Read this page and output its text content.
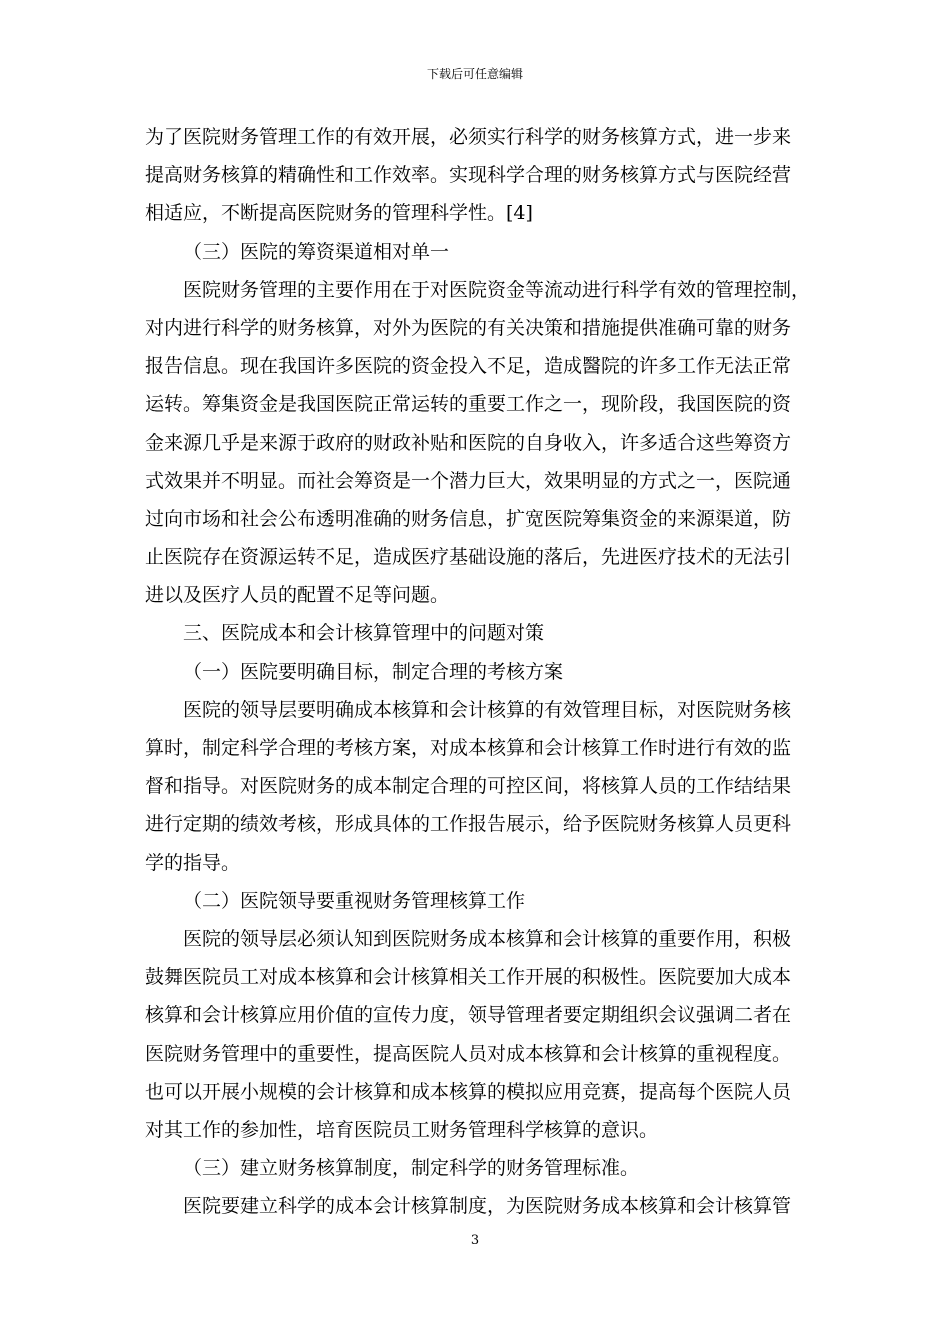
下载后可任意编辑
为了医院财务管理工作的有效开展，必须实行科学的财务核算方式，进一步来
提高财务核算的精确性和工作效率。实现科学合理的财务核算方式与医院经营
相适应，不断提高医院财务的管理科学性。[4]
（三）医院的筹资渠道相对单一
医院财务管理的主要作用在于对医院资金等流动进行科学有效的管理控制，
对内进行科学的财务核算，对外为医院的有关决策和措施提供准确可靠的财务
报告信息。现在我国许多医院的资金投入不足，造成醫院的许多工作无法正常
运转。筹集资金是我国医院正常运转的重要工作之一，现阶段，我国医院的资
金来源几乎是来源于政府的财政补贴和医院的自身收入，许多适合这些筹资方
式效果并不明显。而社会筹资是一个潜力巨大，效果明显的方式之一，医院通
过向市场和社会公布透明准确的财务信息，扩宽医院筹集资金的来源渠道，防
止医院存在资源运转不足，造成医疗基础设施的落后，先进医疗技术的无法引
进以及医疗人员的配置不足等问题。
三、医院成本和会计核算管理中的问题对策
（一）医院要明确目标，制定合理的考核方案
医院的领导层要明确成本核算和会计核算的有效管理目标，对医院财务核
算时，制定科学合理的考核方案，对成本核算和会计核算工作时进行有效的监
督和指导。对医院财务的成本制定合理的可控区间，将核算人员的工作结结果
进行定期的绩效考核，形成具体的工作报告展示，给予医院财务核算人员更科
学的指导。
（二）医院领导要重视财务管理核算工作
医院的领导层必须认知到医院财务成本核算和会计核算的重要作用，积极
鼓舞医院员工对成本核算和会计核算相关工作开展的积极性。医院要加大成本
核算和会计核算应用价值的宣传力度，领导管理者要定期组织会议强调二者在
医院财务管理中的重要性，提高医院人员对成本核算和会计核算的重视程度。
也可以开展小规模的会计核算和成本核算的模拟应用竞赛，提高每个医院人员
对其工作的参加性，培育医院员工财务管理科学核算的意识。
（三）建立财务核算制度，制定科学的财务管理标准。
医院要建立科学的成本会计核算制度，为医院财务成本核算和会计核算管
3
